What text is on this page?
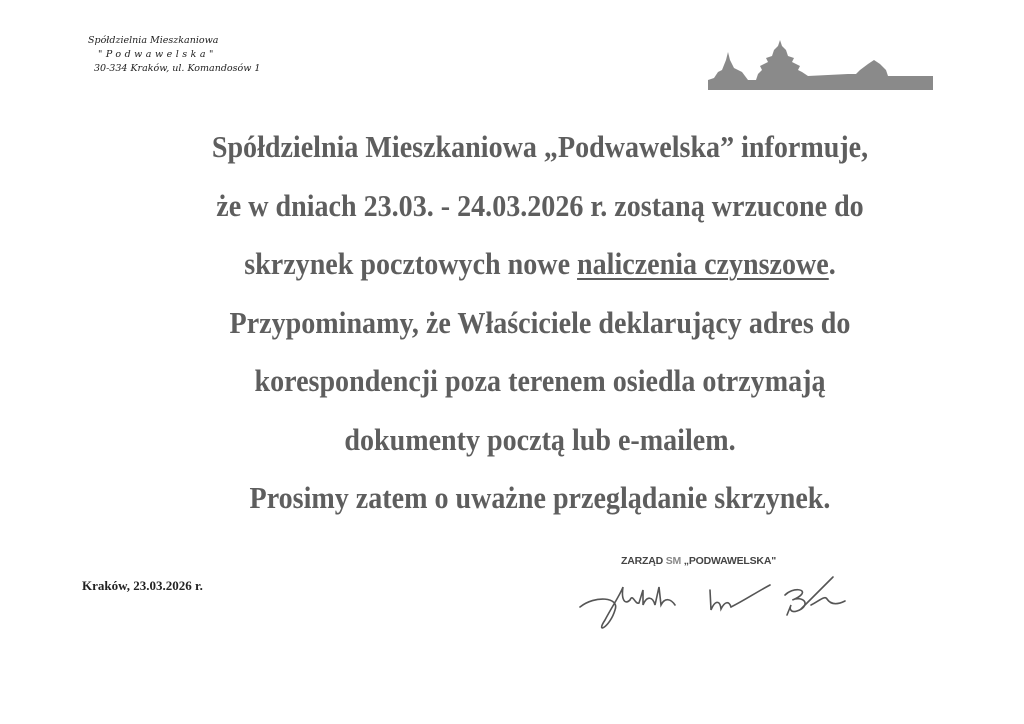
Spółdzielnia Mieszkaniowa
"Podwawelska"
30-334 Kraków, ul. Komandosów 1
Spółdzielnia Mieszkaniowa „Podwawelska” informuje,
że w dniach 23.03. - 24.03.2026 r. zostaną wrzucone do
skrzynek pocztowych nowe naliczenia czynszowe.
Przypominamy, że Właściciele deklarujący adres do
korespondencji poza terenem osiedla otrzymają
dokumenty pocztą lub e-mailem.
Prosimy zatem o uważne przeglądanie skrzynek.
Kraków, 23.03.2026 r.
ZARZĄD SM „PODWAWELSKA"
